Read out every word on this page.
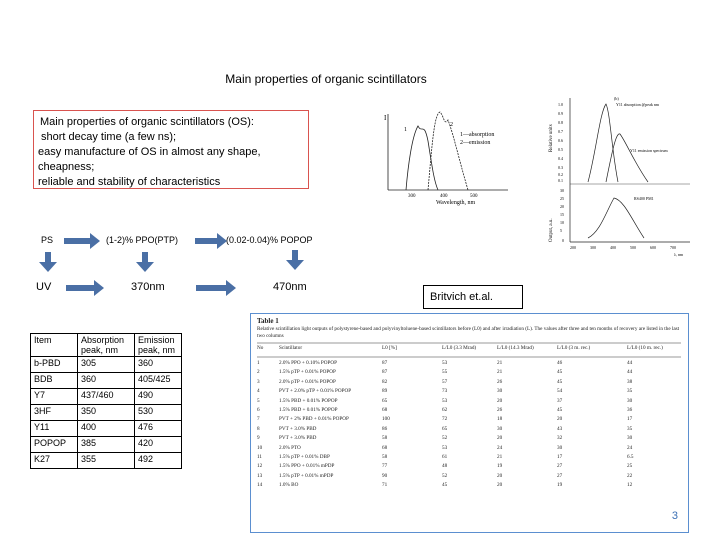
Main properties of organic scintillators
Main properties of organic scintillators (OS):
short decay time (a few ns);
easy manufacture of OS in almost any shape,
cheapness;
reliable and stability of characteristics
PS	(1-2)% PPO(PTP)	(0.02-0.04)% POPOP
UV	370nm	470nm
Britvich et.al.
I
1
2
1—absorption
2—emission
300	400	500
Wavelength, nm
Relative units
Output, a.u.
1.0
0.9
0.8
0.7
0.6
0.5
0.4
0.3
0.2
0.1
30
25
20
15
10
5
0
(b)
Y11 absorption @peak nm
Y11 emission spectrum
RS400 PM1
200	300	400	500	600	700
λ, nm
Item	Absorption peak, nm	Emission peak, nm
b-PBD	305	360
BDB	360	405/425
Y7	437/460	490
3HF	350	530
Y11	400	476
POPOP	385	420
K27	355	492
Table 1
Relative scintillation light outputs of polystyrene-based and polyvinyltoluene-based scintillators before (L0) and after irradiation (L). The values after three and ten months of recovery are listed in the last two columns
No	Scintillator	L0 [%]	L/L0 (3.3 Mrad)	L/L0 (14.3 Mrad)	L/L0 (3 m. rec.)	L/L0 (10 m. rec.)
1	2.0% PPO + 0.10% POPOP	87	53	21	46	44
2	1.5% pTP + 0.01% POPOP	87	55	21	45	44
3	2.0% pTP + 0.01% POPOP	82	57	26	45	38
4	PVT + 2.0% pTP + 0.01% POPOP	89	73	30	54	35
5	1.5% PBD + 0.01% POPOP	65	53	20	37	30
6	1.5% PBD + 0.01% POPOP	68	62	26	45	36
7	PVT + 2% PBD + 0.01% POPOP	100	72	18	20	17
8	PVT + 3.0% PBD	86	65	30	43	35
9	PVT + 3.0% PBD	58	52	20	32	30
10	2.0% PTO	68	53	24	30	24
11	1.5% pTP + 0.01% DBP	58	61	21	17	6.5
12	1.5% PPO + 0.01% mPDP	77	48	19	27	25
13	1.5% pTP + 0.01% mPDP	90	52	20	27	22
14	1.0% BO	71	45	20	19	12
3
